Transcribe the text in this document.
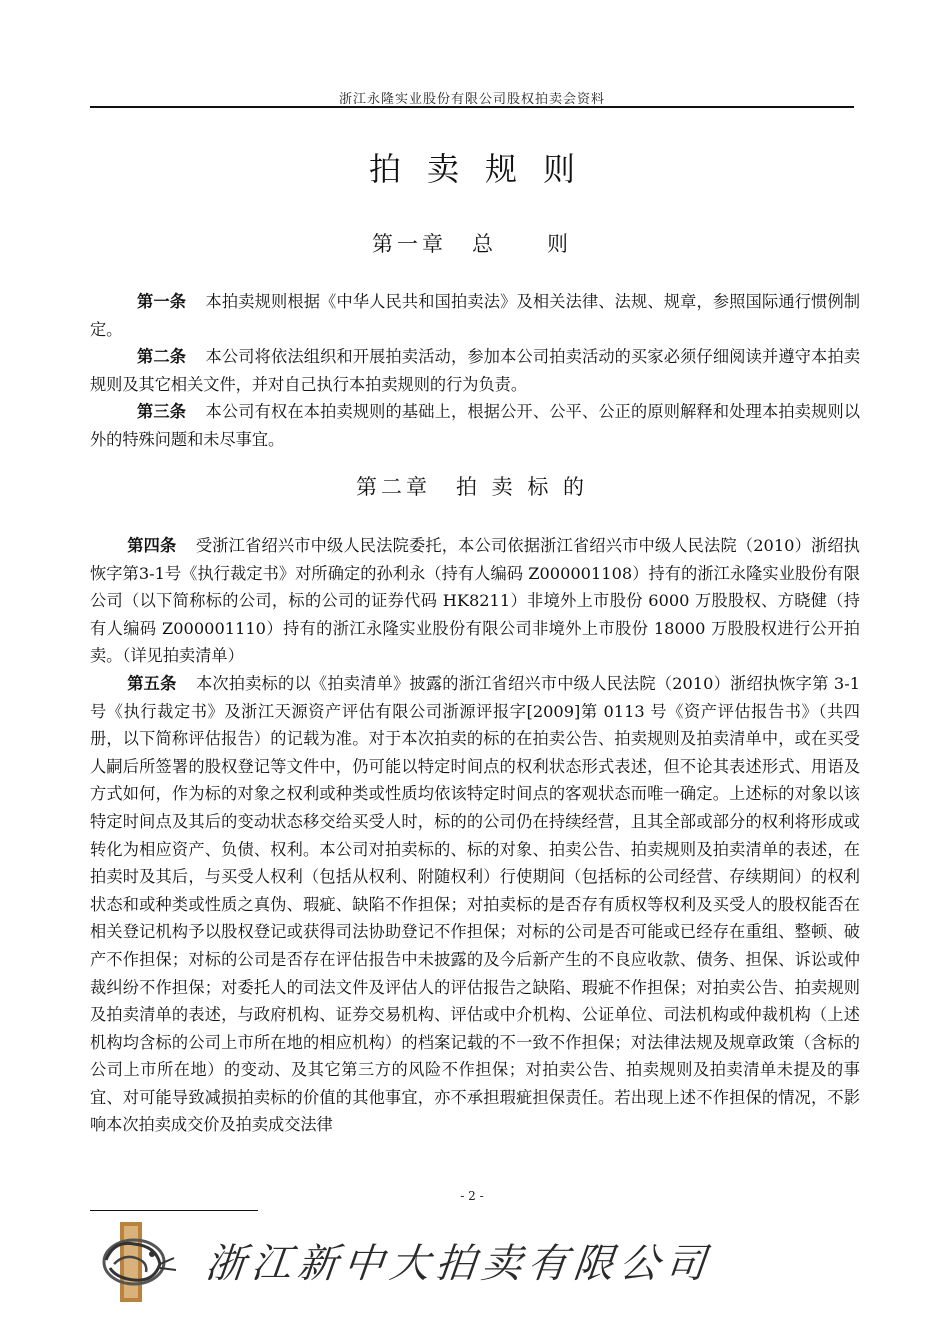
浙江永隆实业股份有限公司股权拍卖会资料
拍卖规则
第一章　总　　则

第一条 本拍卖规则根据《中华人民共和国拍卖法》及相关法律、法规、规章，参照国际通行惯例制定。

第二条 本公司将依法组织和开展拍卖活动，参加本公司拍卖活动的买家必须仔细阅读并遵守本拍卖规则及其它相关文件，并对自己执行本拍卖规则的行为负责。

第三条 本公司有权在本拍卖规则的基础上，根据公开、公平、公正的原则解释和处理本拍卖规则以外的特殊问题和未尽事宜。

第二章　拍 卖 标 的

第四条 受浙江省绍兴市中级人民法院委托，本公司依据浙江省绍兴市中级人民法院（2010）浙绍执恢字第3-1号《执行裁定书》对所确定的孙利永（持有人编码 Z000001108）持有的浙江永隆实业股份有限公司（以下简称标的公司，标的公司的证券代码 HK8211）非境外上市股份 6000 万股股权、方晓健（持有人编码 Z000001110）持有的浙江永隆实业股份有限公司非境外上市股份 18000 万股股权进行公开拍卖。（详见拍卖清单）

第五条 本次拍卖标的以《拍卖清单》披露的浙江省绍兴市中级人民法院（2010）浙绍执恢字第 3-1 号《执行裁定书》及浙江天源资产评估有限公司浙源评报字[2009]第 0113 号《资产评估报告书》（共四册，以下简称评估报告）的记载为准。对于本次拍卖的标的在拍卖公告、拍卖规则及拍卖清单中，或在买受人嗣后所签署的股权登记等文件中，仍可能以特定时间点的权利状态形式表述，但不论其表述形式、用语及方式如何，作为标的对象之权利或种类或性质均依该特定时间点的客观状态而唯一确定。上述标的对象以该特定时间点及其后的变动状态移交给买受人时，标的的公司仍在持续经营，且其全部或部分的权利将形成或转化为相应资产、负债、权利。本公司对拍卖标的、标的对象、拍卖公告、拍卖规则及拍卖清单的表述，在拍卖时及其后，与买受人权利（包括从权利、附随权利）行使期间（包括标的公司经营、存续期间）的权利状态和或种类或性质之真伪、瑕疵、缺陷不作担保；对拍卖标的是否存有质权等权利及买受人的股权能否在相关登记机构予以股权登记或获得司法协助登记不作担保；对标的公司是否可能或已经存在重组、整顿、破产不作担保；对标的公司是否存在评估报告中未披露的及今后新产生的不良应收款、债务、担保、诉讼或仲裁纠纷不作担保；对委托人的司法文件及评估人的评估报告之缺陷、瑕疵不作担保；对拍卖公告、拍卖规则及拍卖清单的表述，与政府机构、证券交易机构、评估或中介机构、公证单位、司法机构或仲裁机构（上述机构均含标的公司上市所在地的相应机构）的档案记载的不一致不作担保；对法律法规及规章政策（含标的公司上市所在地）的变动、及其它第三方的风险不作担保；对拍卖公告、拍卖规则及拍卖清单未提及的事宜、对可能导致减损拍卖标的价值的其他事宜，亦不承担瑕疵担保责任。若出现上述不作担保的情况，不影响本次拍卖成交价及拍卖成交法律

- 2 -
浙江新中大拍卖有限公司
